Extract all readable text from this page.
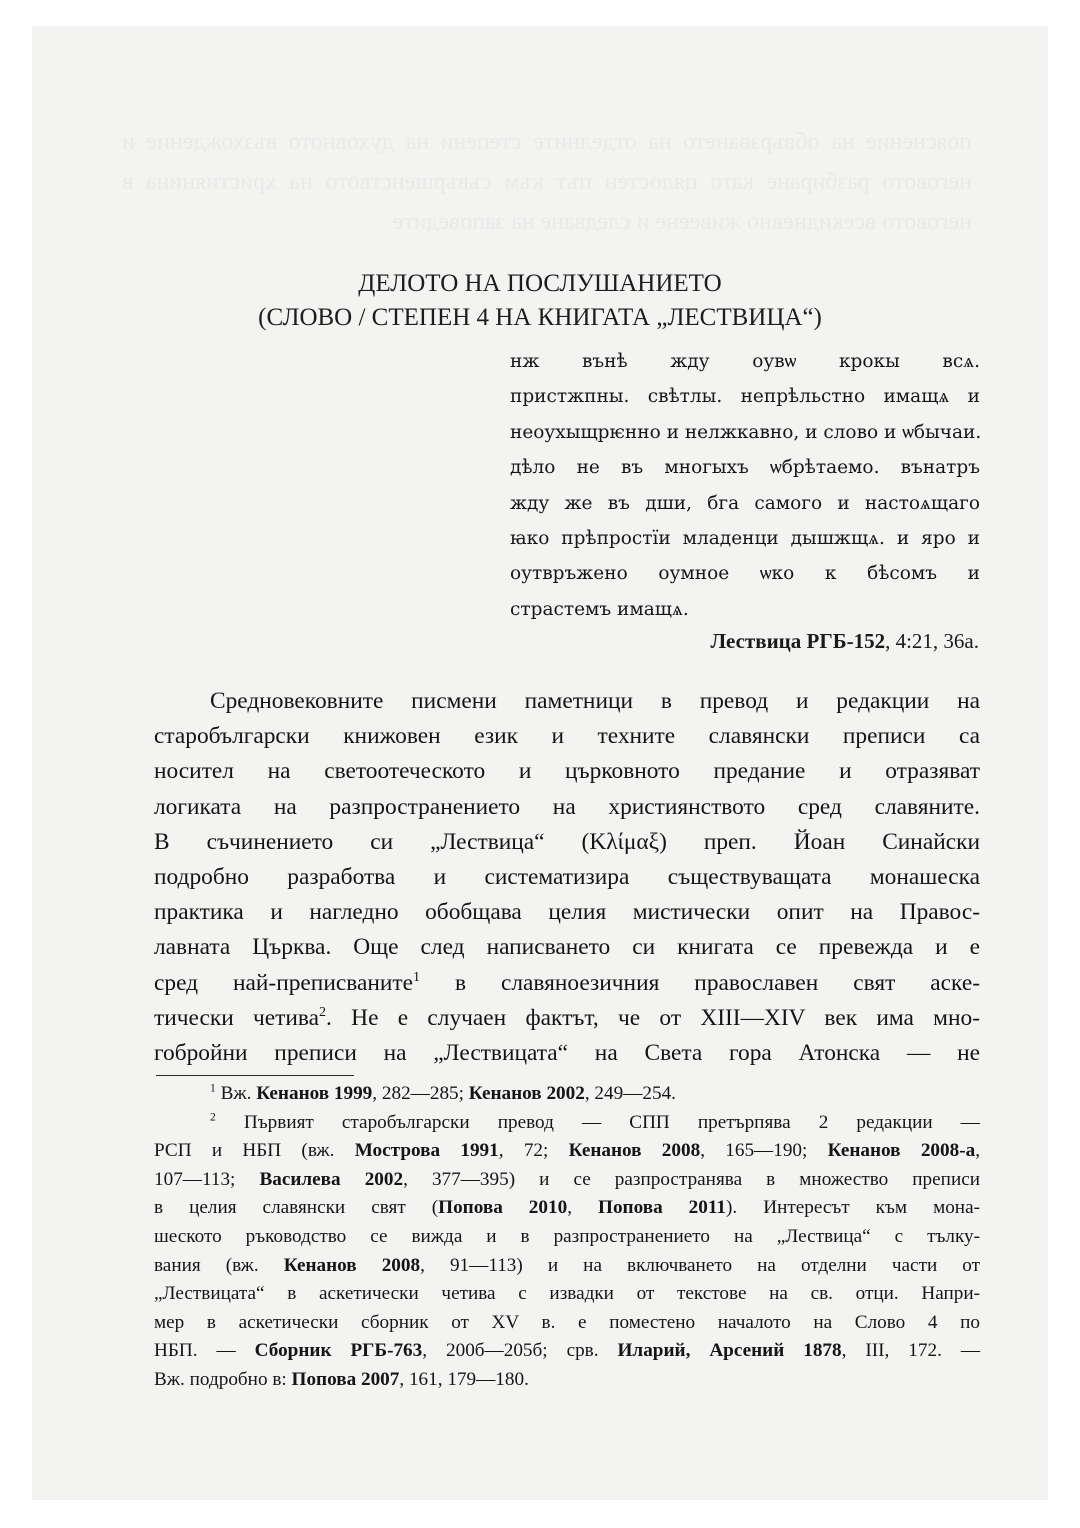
пояснение на обвързването на отделните степени на духовното възхождение и неговото разбиране като цялостен път към съвършенството на християнина в неговото всекидневно живеене и следване на заповедите
ДЕЛОТО НА ПОСЛУШАНИЕТО
(СЛОВО / СТЕПЕН 4 НА КНИГАТА „ЛЕСТВИЦА“)
нж вънѣ жду оувѡ крокы всѧ.
пристжпны. свѣтлы. непрѣльстно имащѧ и
неоухыщрѥнно и нелжкавно, и слово и ѡбычаи.
дѣло не въ многыхъ ѡбрѣтаемо. вънатръ
жду же въ дши, бга самого и настоѧщаго
ꙗко прѣпростїи младенци дышжщѧ. и яро и
оутвръжено оумное ѡко к бѣсомъ и
страстемъ имащѧ.
Лествица РГБ-152, 4:21, 36а.
Средновековните писмени паметници в превод и редакции на
старобългарски книжовен език и техните славянски преписи са
носител на светоотеческото и църковното предание и отразяват
логиката на разпространението на християнството сред славяните.
В съчинението си „Лествица“ (Κλίμαξ) преп. Йоан Синайски
подробно разработва и систематизира съществуващата монашеска
практика и нагледно обобщава целия мистически опит на Правос-
лавната Църква. Още след написването си книгата се превежда и е
сред най-преписваните$^1$ в славяноезичния православен свят аске-
тически четива$^2$. Не е случаен фактът, че от XIII—XIV век има мно-
гобройни преписи на „Лествицата“ на Света гора Атонска — не
$^1$ Вж. Кенанов 1999, 282—285; Кенанов 2002, 249—254.
$^2$ Първият старобългарски превод — СПП претърпява 2 редакции —
РСП и НБП (вж. Мострова 1991, 72; Кенанов 2008, 165—190; Кенанов 2008-а,
107—113; Василева 2002, 377—395) и се разпространява в множество преписи
в целия славянски свят (Попова 2010, Попова 2011). Интересът към мона-
шеското ръководство се вижда и в разпространението на „Лествица“ с тълку-
вания (вж. Кенанов 2008, 91—113) и на включването на отделни части от
„Лествицата“ в аскетически четива с извадки от текстове на св. отци. Напри-
мер в аскетически сборник от XV в. е поместено началото на Слово 4 по
НБП. — Сборник РГБ-763, 200б—205б; срв. Иларий, Арсений 1878, III, 172. —
Вж. подробно в: Попова 2007, 161, 179—180.
